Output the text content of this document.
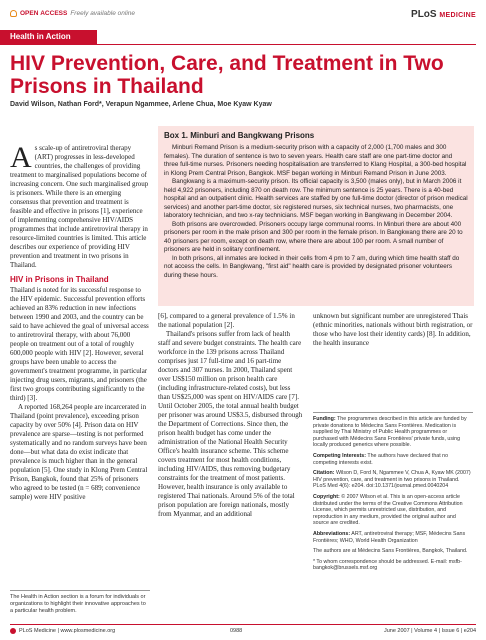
OPEN
ACCESS Freely available online	PLoS MEDICINE
Health in Action
HIV Prevention, Care, and Treatment in Two Prisons in Thailand
David Wilson, Nathan Ford*, Verapun Ngammee, Arlene Chua, Moe Kyaw Kyaw

As scale-up of antiretroviral therapy (ART) progresses in less-developed countries, the challenges of providing treatment to marginalised populations become of increasing concern. One such marginalised group is prisoners. While there is an emerging consensus that prevention and treatment is feasible and effective in prisons [1], experience of implementing comprehensive HIV/AIDS programmes that include antiretroviral therapy in resource-limited countries is limited. This article describes our experience of providing HIV prevention and treatment in two prisons in Thailand.

HIV in Prisons in Thailand

Thailand is noted for its successful response to the HIV epidemic. Successful prevention efforts achieved an 83% reduction in new infections between 1990 and 2003, and the country can be said to have achieved the goal of universal access to antiretroviral therapy, with about 76,000 people on treatment out of a total of roughly 600,000 people with HIV [2]. However, several groups have been unable to access the government's treatment programme, in particular injecting drug users, migrants, and prisoners (the first two groups contributing significantly to the third) [3].

A reported 168,264 people are incarcerated in Thailand (point prevalence), exceeding prison capacity by over 50% [4]. Prison data on HIV prevalence are sparse—testing is not performed systematically and no random surveys have been done—but what data do exist indicate that prevalence is much higher than in the general population [5]. One study in Klong Prem Central Prison, Bangkok, found that 25% of prisoners who agreed to be tested (n = 689; convenience sample) were HIV positive

Box 1. Minburi and Bangkwang Prisons

Minburi Remand Prison is a medium-security prison with a capacity of 2,000 (1,700 males and 300 females). The duration of sentence is two to seven years. Health care staff are one part-time doctor and three full-time nurses. Prisoners needing hospitalisation are transferred to Klang Hospital, a 300-bed hospital in Klong Prem Central Prison, Bangkok. MSF began working in Minburi Remand Prison in June 2003.

Bangkwang is a maximum-security prison. Its official capacity is 3,500 (males only), but in March 2006 it held 4,922 prisoners, including 870 on death row. The minimum sentence is 25 years. There is a 40-bed hospital and an outpatient clinic. Health services are staffed by one full-time doctor (director of prison medical services) and another part-time doctor, six registered nurses, six technical nurses, two pharmacists, one laboratory technician, and two x-ray technicians. MSF began working in Bangkwang in December 2004.

Both prisons are overcrowded. Prisoners occupy large communal rooms. In Minburi there are about 400 prisoners per room in the male prison and 300 per room in the female prison. In Bangkwang there are 20 to 40 prisoners per room, except on death row, where there are about 100 per room. A small number of prisoners are held in solitary confinement.

In both prisons, all inmates are locked in their cells from 4 pm to 7 am, during which time health staff do not access the cells. In Bangkwang, "first aid" health care is provided by designated prisoner volunteers during these hours.

[6], compared to a general prevalence of 1.5% in the national population [2].

Thailand's prisons suffer from lack of health staff and severe budget constraints. The health care workforce in the 139 prisons across Thailand comprises just 17 full-time and 16 part-time doctors and 307 nurses. In 2000, Thailand spent over US$150 million on prison health care (including infrastructure-related costs), but less than US$25,000 was spent on HIV/AIDS care [7]. Until October 2005, the total annual health budget per prisoner was around US$3.5, disbursed through the Department of Corrections. Since then, the prison health budget has come under the administration of the National Health Security Office's health insurance scheme. This scheme covers treatment for most health conditions, including HIV/AIDS, thus removing budgetary constraints for the treatment of most patients. However, health insurance is only available to registered Thai nationals. Around 5% of the total prison population are foreign nationals, mostly from Myanmar, and an additional

unknown but significant number are unregistered Thais (ethnic minorities, nationals without birth registration, or those who have lost their identity cards) [8]. In addition, the health insurance

Funding: The programmes described in this article are funded by private donations to Médecins Sans Frontières. Medication is supplied by Thai Ministry of Public Health programmes or purchased with Médecins Sans Frontières' private funds, using locally produced generics where possible.

Competing Interests: The authors have declared that no competing interests exist.

Citation: Wilson D, Ford N, Ngammee V, Chua A, Kyaw MK (2007) HIV prevention, care, and treatment in two prisons in Thailand. PLoS Med 4(6): e204. doi:10.1371/journal.pmed.0040204

Copyright: © 2007 Wilson et al. This is an open-access article distributed under the terms of the Creative Commons Attribution License, which permits unrestricted use, distribution, and reproduction in any medium, provided the original author and source are credited.

Abbreviations: ART, antiretroviral therapy; MSF, Médecins Sans Frontières; WHO, World Health Organization

The authors are at Médecins Sans Frontières, Bangkok, Thailand.

* To whom correspondence should be addressed. E-mail: msfb-bangkok@brussels.msf.org

The Health in Action section is a forum for individuals or organizations to highlight their innovative approaches to a particular health problem.
PLoS Medicine | www.plosmedicine.org	0988	June 2007 | Volume 4 | Issue 6 | e204
